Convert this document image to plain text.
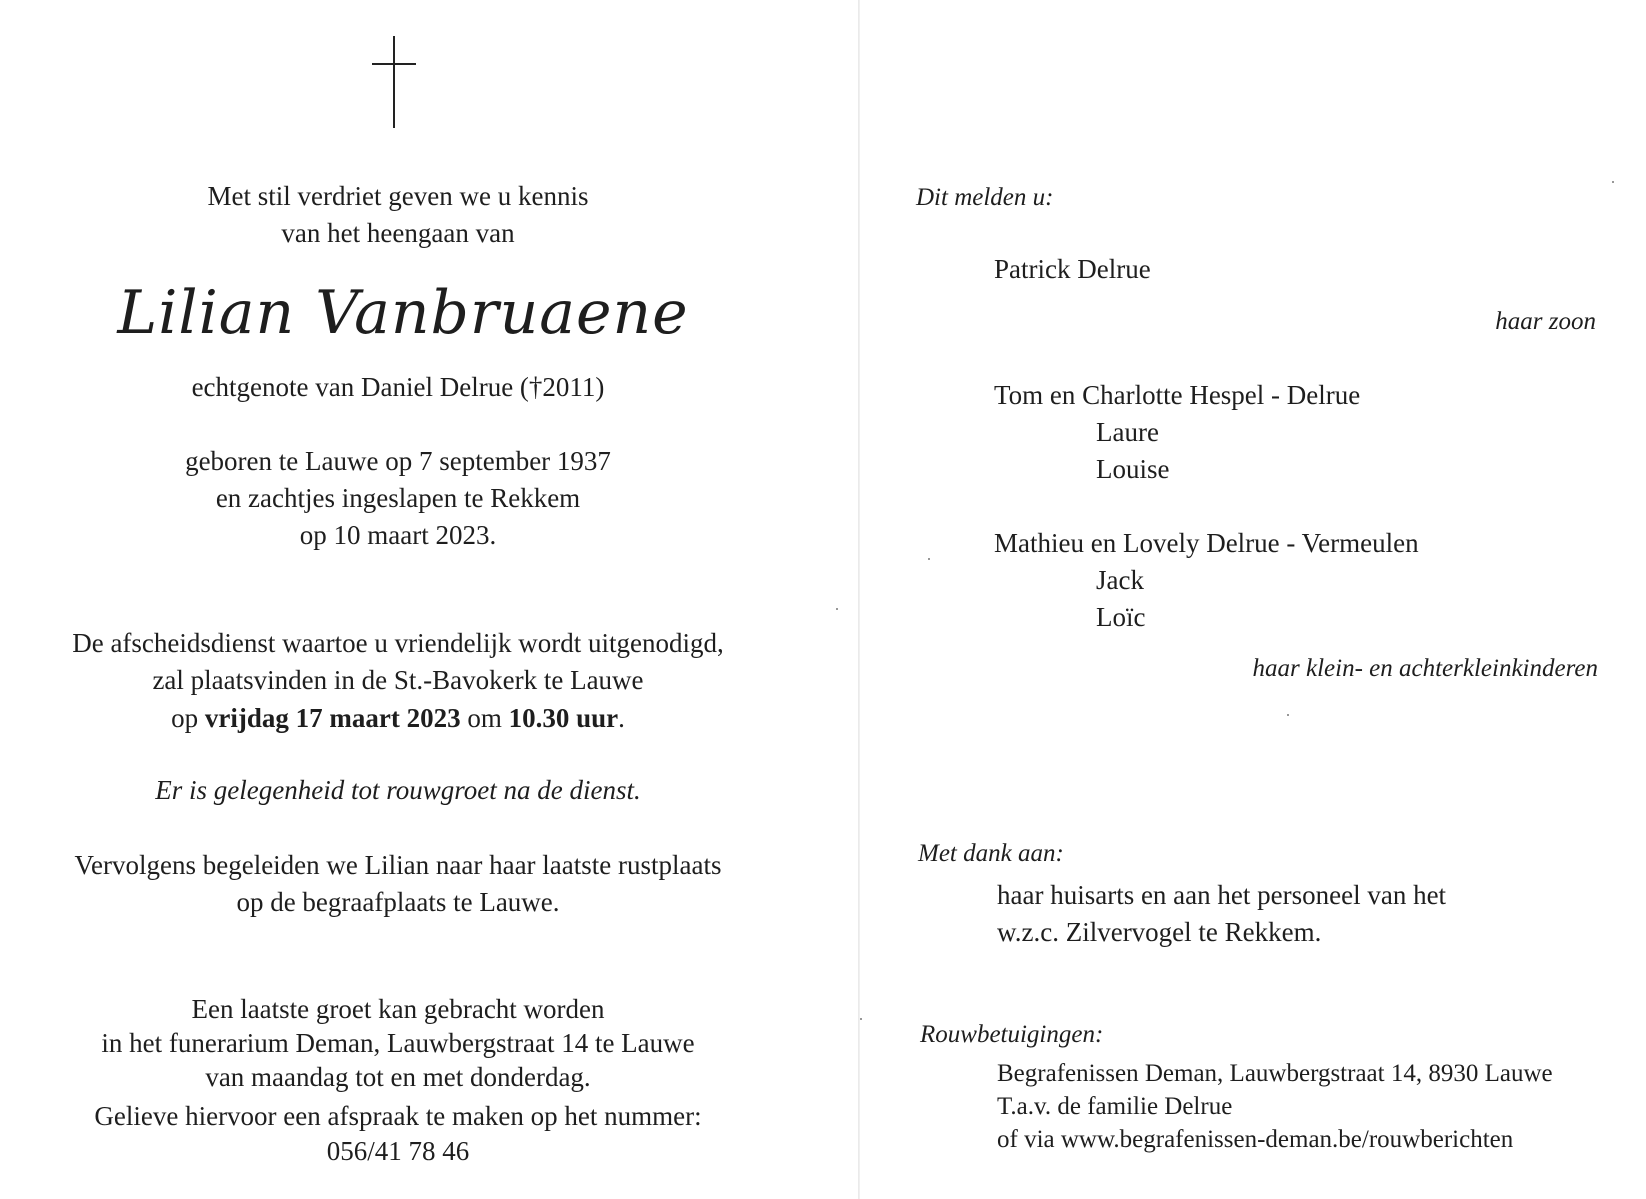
Met stil verdriet geven we u kennis
van het heengaan van
Lilian Vanbruaene
echtgenote van Daniel Delrue (†2011)
geboren te Lauwe op 7 september 1937
en zachtjes ingeslapen te Rekkem
op 10 maart 2023.
De afscheidsdienst waartoe u vriendelijk wordt uitgenodigd,
zal plaatsvinden in de St.-Bavokerk te Lauwe
op vrijdag 17 maart 2023 om 10.30 uur.
Er is gelegenheid tot rouwgroet na de dienst.
Vervolgens begeleiden we Lilian naar haar laatste rustplaats
op de begraafplaats te Lauwe.
Een laatste groet kan gebracht worden
in het funerarium Deman, Lauwbergstraat 14 te Lauwe
van maandag tot en met donderdag.
Gelieve hiervoor een afspraak te maken op het nummer:
056/41 78 46
Dit melden u:
Patrick Delrue
haar zoon
Tom en Charlotte Hespel - Delrue
Laure
Louise
Mathieu en Lovely Delrue - Vermeulen
Jack
Loïc
haar klein- en achterkleinkinderen
Met dank aan:
haar huisarts en aan het personeel van het
w.z.c. Zilvervogel te Rekkem.
Rouwbetuigingen:
Begrafenissen Deman, Lauwbergstraat 14, 8930 Lauwe
T.a.v. de familie Delrue
of via www.begrafenissen-deman.be/rouwberichten
